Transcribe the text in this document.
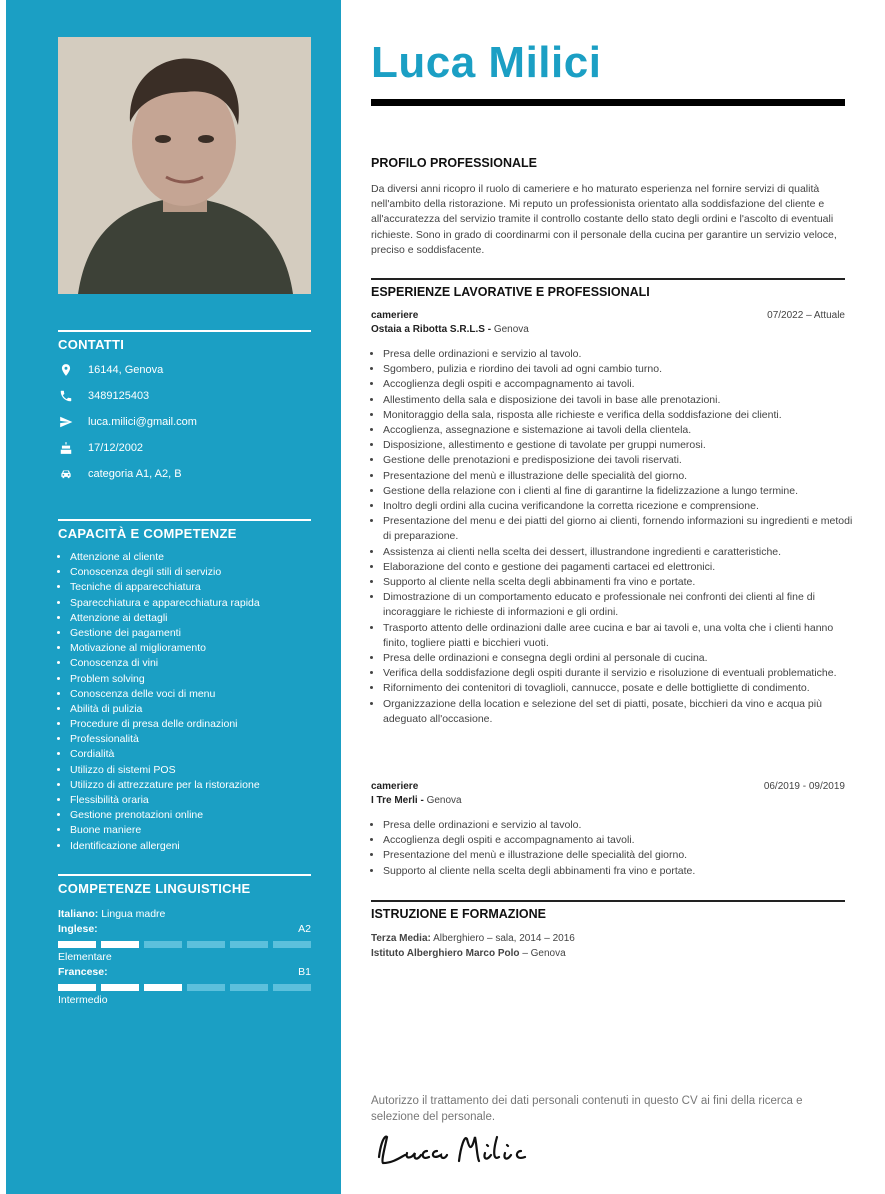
CONTATTI
16144, Genova
3489125403
luca.milici@gmail.com
17/12/2002
categoria A1, A2, B
CAPACITÀ E COMPETENZE
• Attenzione al cliente
• Conoscenza degli stili di servizio
• Tecniche di apparecchiatura
• Sparecchiatura e apparecchiatura rapida
• Attenzione ai dettagli
• Gestione dei pagamenti
• Motivazione al miglioramento
• Conoscenza di vini
• Problem solving
• Conoscenza delle voci di menu
• Abilità di pulizia
• Procedure di presa delle ordinazioni
• Professionalità
• Cordialità
• Utilizzo di sistemi POS
• Utilizzo di attrezzature per la ristorazione
• Flessibilità oraria
• Gestione prenotazioni online
• Buone maniere
• Identificazione allergeni
COMPETENZE LINGUISTICHE
Italiano: Lingua madre
Inglese:	A2
Elementare
Francese:	B1
Intermedio
Luca Milici
PROFILO PROFESSIONALE
Da diversi anni ricopro il ruolo di cameriere e ho maturato esperienza nel fornire servizi di qualità nell'ambito della ristorazione. Mi reputo un professionista orientato alla soddisfazione del cliente e all'accuratezza del servizio tramite il controllo costante dello stato degli ordini e l'ascolto di eventuali richieste. Sono in grado di coordinarmi con il personale della cucina per garantire un servizio veloce, preciso e soddisfacente.
ESPERIENZE LAVORATIVE E PROFESSIONALI
cameriere	07/2022 – Attuale
Ostaia a Ribotta S.R.L.S - Genova
• Presa delle ordinazioni e servizio al tavolo.
• Sgombero, pulizia e riordino dei tavoli ad ogni cambio turno.
• Accoglienza degli ospiti e accompagnamento ai tavoli.
• Allestimento della sala e disposizione dei tavoli in base alle prenotazioni.
• Monitoraggio della sala, risposta alle richieste e verifica della soddisfazione dei clienti.
• Accoglienza, assegnazione e sistemazione ai tavoli della clientela.
• Disposizione, allestimento e gestione di tavolate per gruppi numerosi.
• Gestione delle prenotazioni e predisposizione dei tavoli riservati.
• Presentazione del menù e illustrazione delle specialità del giorno.
• Gestione della relazione con i clienti al fine di garantirne la fidelizzazione a lungo termine.
• Inoltro degli ordini alla cucina verificandone la corretta ricezione e comprensione.
• Presentazione del menu e dei piatti del giorno ai clienti, fornendo informazioni su ingredienti e metodi di preparazione.
• Assistenza ai clienti nella scelta dei dessert, illustrandone ingredienti e caratteristiche.
• Elaborazione del conto e gestione dei pagamenti cartacei ed elettronici.
• Supporto al cliente nella scelta degli abbinamenti fra vino e portate.
• Dimostrazione di un comportamento educato e professionale nei confronti dei clienti al fine di incoraggiare le richieste di informazioni e gli ordini.
• Trasporto attento delle ordinazioni dalle aree cucina e bar ai tavoli e, una volta che i clienti hanno finito, togliere piatti e bicchieri vuoti.
• Presa delle ordinazioni e consegna degli ordini al personale di cucina.
• Verifica della soddisfazione degli ospiti durante il servizio e risoluzione di eventuali problematiche.
• Rifornimento dei contenitori di tovaglioli, cannucce, posate e delle bottigliette di condimento.
• Organizzazione della location e selezione del set di piatti, posate, bicchieri da vino e acqua più adeguato all'occasione.
cameriere	06/2019 - 09/2019
I Tre Merli - Genova
• Presa delle ordinazioni e servizio al tavolo.
• Accoglienza degli ospiti e accompagnamento ai tavoli.
• Presentazione del menù e illustrazione delle specialità del giorno.
• Supporto al cliente nella scelta degli abbinamenti fra vino e portate.
ISTRUZIONE E FORMAZIONE
Terza Media: Alberghiero – sala, 2014 – 2016
Istituto Alberghiero Marco Polo – Genova
Autorizzo il trattamento dei dati personali contenuti in questo CV ai fini della ricerca e selezione del personale.
